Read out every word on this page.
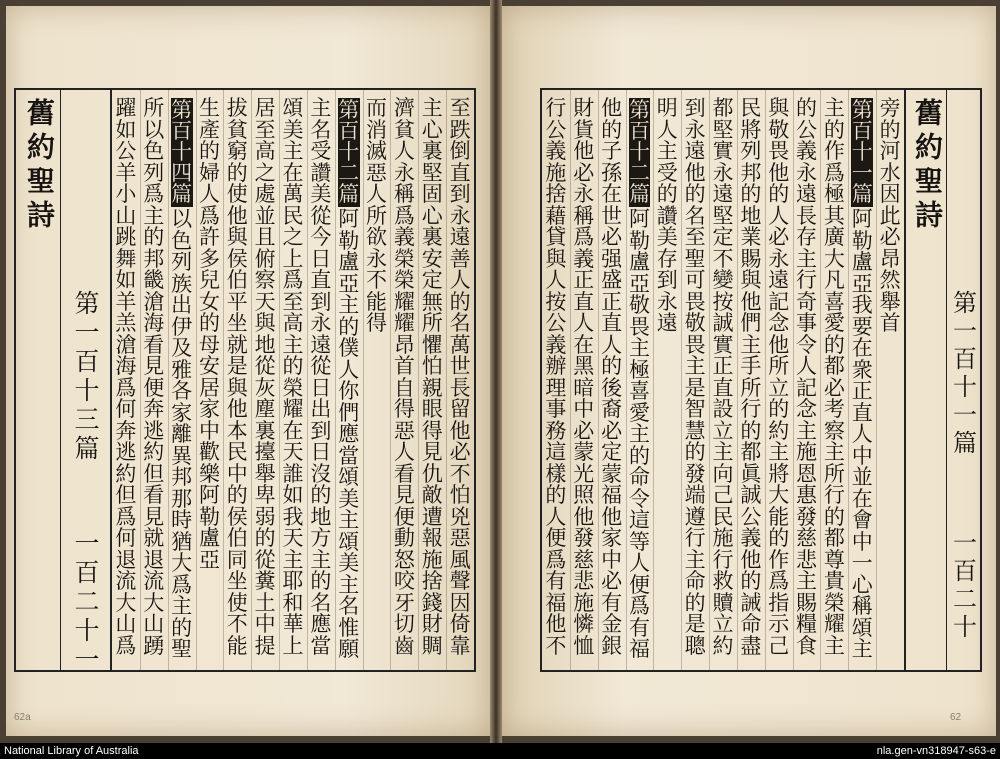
至
跌
倒
直
到
永
遠
善
人
的
名
萬
世
長
留
他
必
不
怕
兇
惡
風
聲
因
倚
靠
主
心
裏
堅
固
心
裏
安
定
無
所
懼
怕
親
眼
得
見
仇
敵
遭
報
施
捨
錢
財
賙
濟
貧
人
永
稱
爲
義
榮
榮
耀
耀
昂
首
自
得
惡
人
看
見
便
動
怒
咬
牙
切
齒
而
消
滅
惡
人
所
欲
永
不
能
得
第
百
十
二
篇
阿
勒
盧
亞
主
的
僕
人
你
們
應
當
頌
美
主
頌
美
主
名
惟
願
主
名
受
讚
美
從
今
日
直
到
永
遠
從
日
出
到
日
沒
的
地
方
主
的
名
應
當
頌
美
主
在
萬
民
之
上
爲
至
高
主
的
榮
耀
在
天
誰
如
我
天
主
耶
和
華
上
居
至
高
之
處
並
且
俯
察
天
與
地
從
灰
塵
裏
擡
舉
卑
弱
的
從
糞
土
中
提
拔
貧
窮
的
使
他
與
侯
伯
平
坐
就
是
與
他
本
民
中
的
侯
伯
同
坐
使
不
能
生
產
的
婦
人
爲
許
多
兒
女
的
母
安
居
家
中
歡
樂
阿
勒
盧
亞
第
百
十
四
篇
以
色
列
族
出
伊
及
雅
各
家
離
異
邦
那
時
猶
大
爲
主
的
聖
所
以
色
列
爲
主
的
邦
畿
滄
海
看
見
便
奔
逃
約
但
看
見
就
退
流
大
山
踴
躍
如
公
羊
小
山
跳
舞
如
羊
羔
滄
海
爲
何
奔
逃
約
但
爲
何
退
流
大
山
爲
舊約聖詩
第一百十三篇
一百二十一
旁
的
河
水
因
此
必
昂
然
舉
首
第
百
十
一
篇
阿
勒
盧
亞
我
要
在
衆
正
直
人
中
並
在
會
中
一
心
稱
頌
主
主
的
作
爲
極
其
廣
大
凡
喜
愛
的
都
必
考
察
主
所
行
的
都
尊
貴
榮
耀
主
的
公
義
永
遠
長
存
主
行
奇
事
令
人
記
念
主
施
恩
惠
發
慈
悲
主
賜
糧
食
與
敬
畏
他
的
人
必
永
遠
記
念
他
所
立
的
約
主
將
大
能
的
作
爲
指
示
己
民
將
列
邦
的
地
業
賜
與
他
們
主
手
所
行
的
都
眞
誠
公
義
他
的
誡
命
盡
都
堅
實
永
遠
堅
定
不
變
按
誠
實
正
直
設
立
主
向
己
民
施
行
救
贖
立
約
到
永
遠
他
的
名
至
聖
可
畏
敬
畏
主
是
智
慧
的
發
端
遵
行
主
命
的
是
聰
明
人
主
受
的
讚
美
存
到
永
遠
第
百
十
二
篇
阿
勒
盧
亞
敬
畏
主
極
喜
愛
主
的
命
令
這
等
人
便
爲
有
福
他
的
子
孫
在
世
必
强
盛
正
直
人
的
後
裔
必
定
蒙
福
他
家
中
必
有
金
銀
財
貨
他
必
永
稱
爲
義
正
直
人
在
黑
暗
中
必
蒙
光
照
他
發
慈
悲
施
憐
恤
行
公
義
施
捨
藉
貸
與
人
按
公
義
辦
理
事
務
這
樣
的
人
便
爲
有
福
他
不
舊約聖詩
第一百十一篇
一百二十
62a	62
National Library of Australia	nla.gen-vn318947-s63-e
